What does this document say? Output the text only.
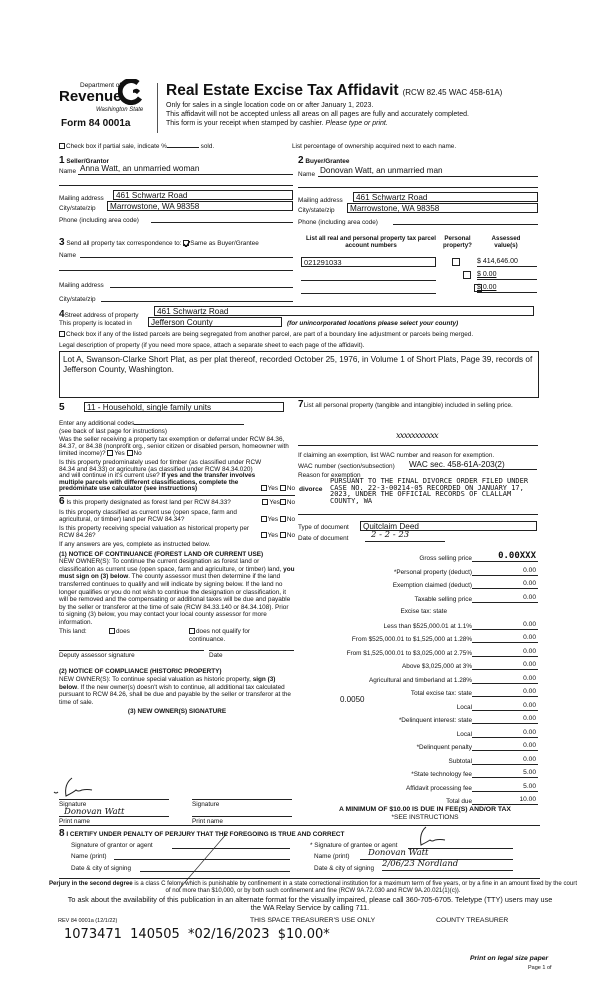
Department of
Revenue
Washington State
Form 84 0001a
Real Estate Excise Tax Affidavit (RCW 82.45 WAC 458-61A)
Only for sales in a single location code on or after January 1, 2023.
This affidavit will not be accepted unless all areas on all pages are fully and accurately completed.
This form is your receipt when stamped by cashier. Please type or print.
Check box if partial sale, indicate %	sold.	List percentage of ownership acquired next to each name.
1 Seller/Grantor
Name Anna Watt, an unmarried woman
Mailing address	461 Schwartz Road
City/state/zip	Marrowstone, WA 98358
Phone (including area code)
2 Buyer/Grantee
Name Donovan Watt, an unmarried man
Mailing address	461 Schwartz Road
City/state/zip	Marrowstone, WA 98358
Phone (including area code)
3 Send all property tax correspondence to: Same as Buyer/Grantee
Name
Mailing address
City/state/zip
List all real and personal property tax parcel account numbers
Personal property?
Assessed value(s)
021291033
	$ 414,646.00
$ 0.00
$ 0.00
4Street address of property	461 Schwartz Road
This property is located in	Jefferson County	(for unincorporated locations please select your county)
Check box if any of the listed parcels are being segregated from another parcel, are part of a boundary line adjustment or parcels being merged.
Legal description of property (if you need more space, attach a separate sheet to each page of the affidavit).
Lot A, Swanson-Clarke Short Plat, as per plat thereof, recorded October 25, 1976, in Volume 1 of Short Plats, Page 39, records of Jefferson County, Washington.
5	11 - Household, single family units

Enter any additional codes

(see back of last page for instructions)

Was the seller receiving a property tax exemption or deferral under RCW 84.36, 84.37, or 84.38 (nonprofit org., senior citizen or disabled person, homeowner with limited income)? Yes No

Is this property predominately used for timber (as classified under RCW 84.34 and 84.33) or agriculture (as classified under RCW 84.34.020) and will continue in it's current use? If yes and the transfer involves multiple parcels with different classifications, complete the predominate use calculator (see instructions)	Yes No

6 Is this property designated as forest land per RCW 84.33?	Yes No

Is this property classified as current use (open space, farm and agricultural, or timber) land per RCW 84.34?	Yes No

Is this property receiving special valuation as historical property per RCW 84.26?	Yes No

If any answers are yes, complete as instructed below.

(1) NOTICE OF CONTINUANCE (FOREST LAND OR CURRENT USE)

NEW OWNER(S): To continue the current designation as forest land or classification as current use (open space, farm and agriculture, or timber) land, you must sign on (3) below. The county assessor must then determine if the land transferred continues to qualify and will indicate by signing below. If the land no longer qualifies or you do not wish to continue the designation or classification, it will be removed and the compensating or additional taxes will be due and payable by the seller or transferor at the time of sale (RCW 84.33.140 or 84.34.108). Prior to signing (3) below, you may contact your local county assessor for more information.

This land:	does	does not qualify for continuance.

Deputy assessor signature	Date

(2) NOTICE OF COMPLIANCE (HISTORIC PROPERTY)

NEW OWNER(S): To continue special valuation as historic property, sign (3) below. If the new owner(s) doesn't wish to continue, all additional tax calculated pursuant to RCW 84.26, shall be due and payable by the seller or transferor at the time of sale.

(3) NEW OWNER(S) SIGNATURE

Signature	Signature
Donovan Watt
Print name	Print name
7List all personal property (tangible and intangible) included in selling price.
xxxxxxxxxxx
If claiming an exemption, list WAC number and reason for exemption.
WAC number (section/subsection) WAC sec. 458-61A-203(2)
Reason for exemption
divorce
PURSUANT TO THE FINAL DIVORCE ORDER FILED UNDER CASE NO. 22-3-00214-05 RECORDED ON JANUARY 17, 2023, UNDER THE OFFICIAL RECORDS OF CLALLAM COUNTY, WA
Type of document	Quitclaim Deed
Date of document	2 - 2 - 23
0.0050
Gross selling price	0.00XXX
*Personal property (deduct)	0.00
Exemption claimed (deduct)	0.00
Taxable selling price	0.00
Excise tax: state
Less than $525,000.01 at 1.1%	0.00
From $525,000.01 to $1,525,000 at 1.28%	0.00
From $1,525,000.01 to $3,025,000 at 2.75%	0.00
Above $3,025,000 at 3%	0.00
Agricultural and timberland at 1.28%	0.00
Total excise tax: state	0.00
Local	0.00
*Delinquent interest: state	0.00
Local	0.00
*Delinquent penalty	0.00
Subtotal	0.00
*State technology fee	5.00
Affidavit processing fee	5.00
Total due	10.00
A MINIMUM OF $10.00 IS DUE IN FEE(S) AND/OR TAX
*SEE INSTRUCTIONS
8 I CERTIFY UNDER PENALTY OF PERJURY THAT THE FOREGOING IS TRUE AND CORRECT
Signature of grantor or agent
Name (print)
Date & city of signing
* Signature of grantee or agent
Name (print)	Donovan Watt
Date & city of signing 2/06/23 Nordland
Perjury in the second degree is a class C felony which is punishable by confinement in a state correctional institution for a maximum term of five years, or by a fine in an amount fixed by the court of not more than $10,000, or by both such confinement and fine (RCW 9A.72.030 and RCW 9A.20.021(1)(c)).
To ask about the availability of this publication in an alternate format for the visually impaired, please call 360-705-6705. Teletype (TTY) users may use the WA Relay Service by calling 711.
REV 84 0001a (12/1/22)	THIS SPACE TREASURER'S USE ONLY	COUNTY TREASURER
1073471  140505  *02/16/2023  $10.00*
Print on legal size paper
Page 1 of
